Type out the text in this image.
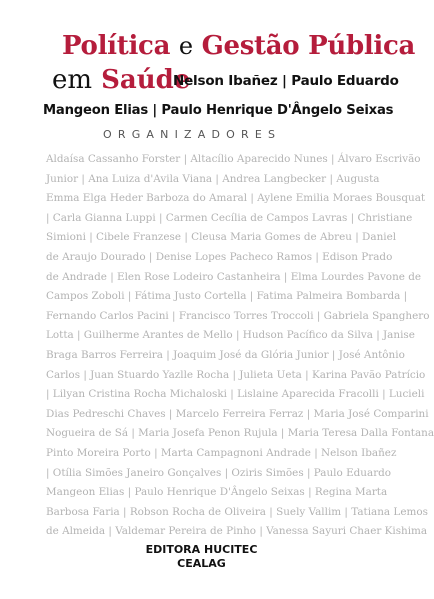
Política e Gestão Pública
em Saúde
Nelson Ibañez | Paulo Eduardo
Mangeon Elias | Paulo Henrique D'Ângelo Seixas
ORGANIZADORES
Aldaísa Cassanho Forster | Altacílio Aparecido Nunes | Álvaro Escrivão
Junior | Ana Luiza d'Avila Viana | Andrea Langbecker | Augusta
Emma Elga Heder Barboza do Amaral | Aylene Emilia Moraes Bousquat
| Carla Gianna Luppi | Carmen Cecília de Campos Lavras | Christiane
Simioni | Cibele Franzese | Cleusa Maria Gomes de Abreu | Daniel
de Araujo Dourado | Denise Lopes Pacheco Ramos | Edison Prado
de Andrade | Elen Rose Lodeiro Castanheira | Elma Lourdes Pavone de
Campos Zoboli | Fátima Justo Cortella | Fatima Palmeira Bombarda |
Fernando Carlos Pacini | Francisco Torres Troccoli | Gabriela Spanghero
Lotta | Guilherme Arantes de Mello | Hudson Pacífico da Silva | Janise
Braga Barros Ferreira | Joaquim José da Glória Junior | José Antônio
Carlos | Juan Stuardo Yazlle Rocha | Julieta Ueta | Karina Pavão Patrício
| Lilyan Cristina Rocha Michaloski | Lislaine Aparecida Fracolli | Lucieli
Dias Pedreschi Chaves | Marcelo Ferreira Ferraz | Maria José Comparini
Nogueira de Sá | Maria Josefa Penon Rujula | Maria Teresa Dalla Fontana
Pinto Moreira Porto | Marta Campagnoni Andrade | Nelson Ibañez
| Otília Simões Janeiro Gonçalves | Oziris Simões | Paulo Eduardo
Mangeon Elias | Paulo Henrique D'Ângelo Seixas | Regina Marta
Barbosa Faria | Robson Rocha de Oliveira | Suely Vallim | Tatiana Lemos
de Almeida | Valdemar Pereira de Pinho | Vanessa Sayuri Chaer Kishima
EDITORA HUCITEC
CEALAG
